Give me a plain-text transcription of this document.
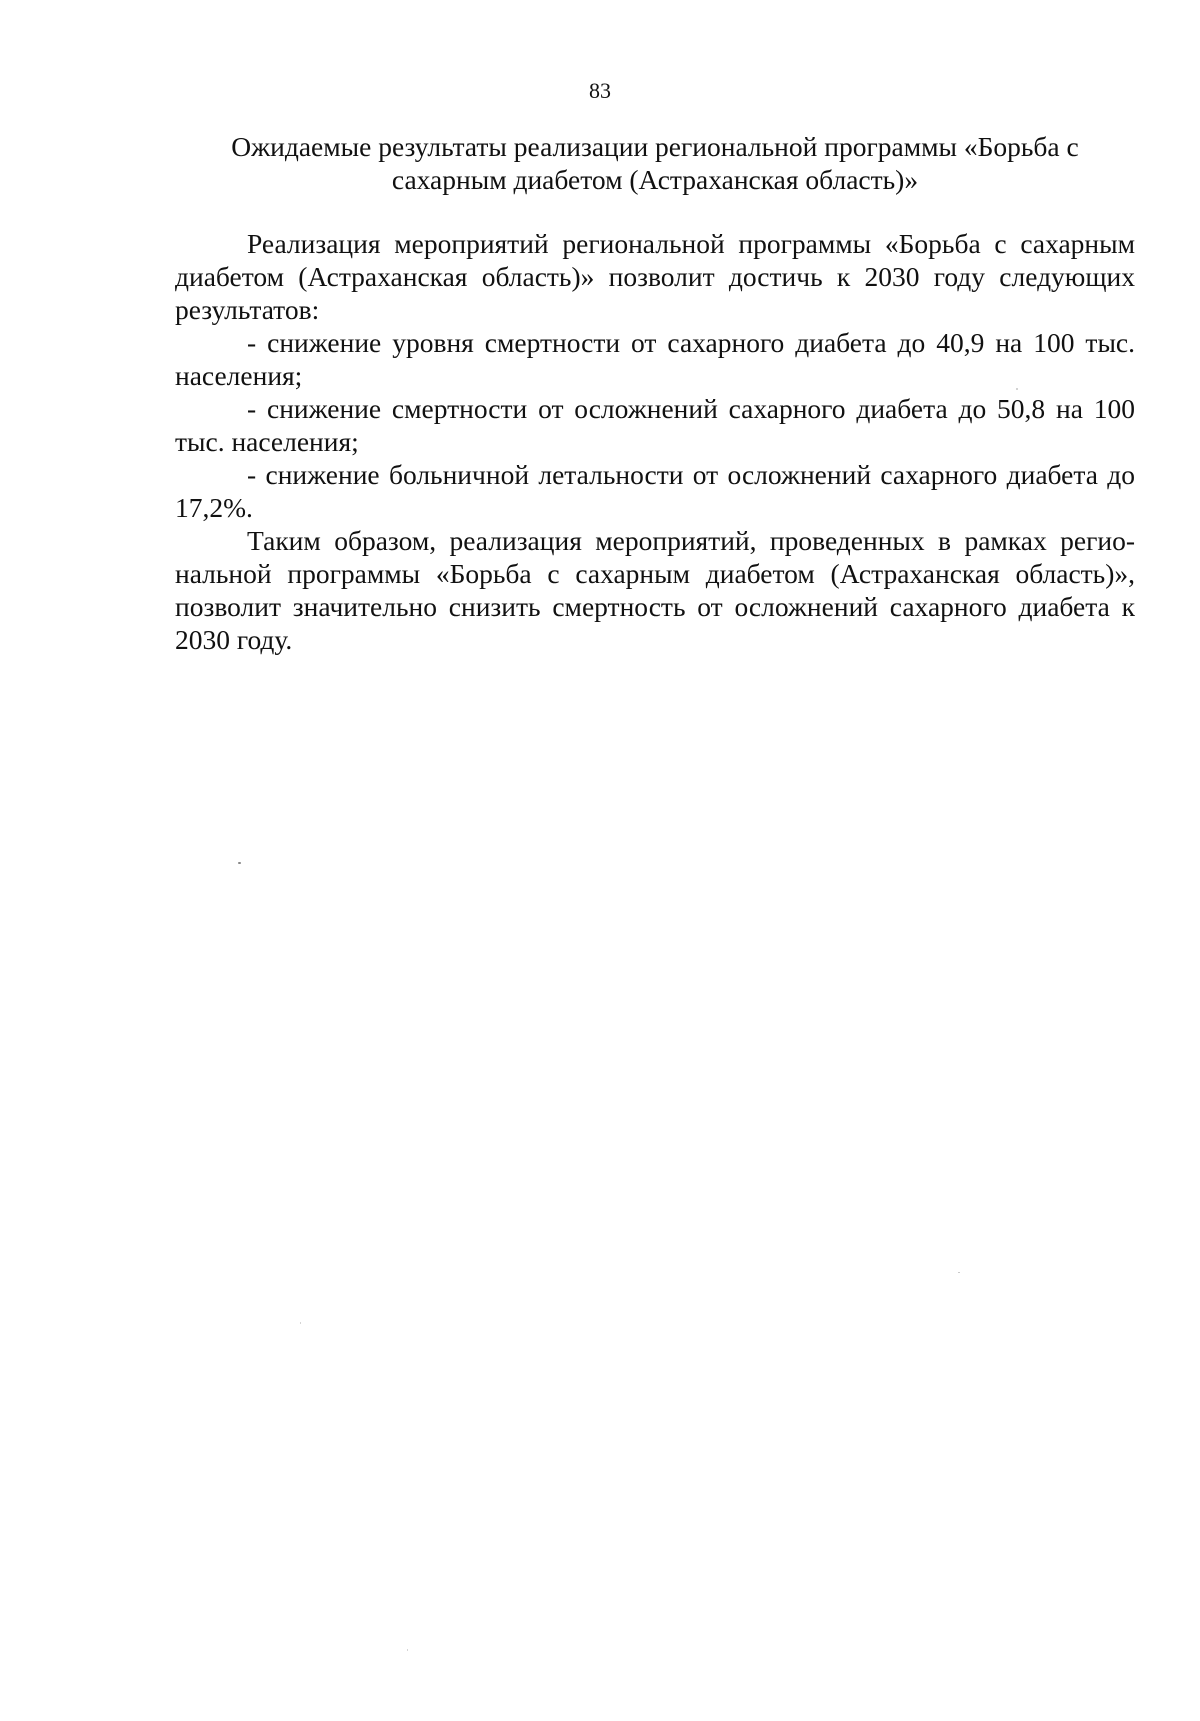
83
Ожидаемые результаты реализации региональной программы «Борьба с
сахарным диабетом (Астраханская область)»

Реализация мероприятий региональной программы «Борьба с сахарным диабетом (Астраханская область)» позволит достичь к 2030 году следующих результатов:

- снижение уровня смертности от сахарного диабета до 40,9 на 100 тыс. населения;

- снижение смертности от осложнений сахарного диабета до 50,8 на 100 тыс. населения;

- снижение больничной летальности от осложнений сахарного диабета до 17,2%.

Таким образом, реализация мероприятий, проведенных в рамках региональной программы «Борьба с сахарным диабетом (Астраханская область)», позволит значительно снизить смертность от осложнений сахарного диабета к 2030 году.
